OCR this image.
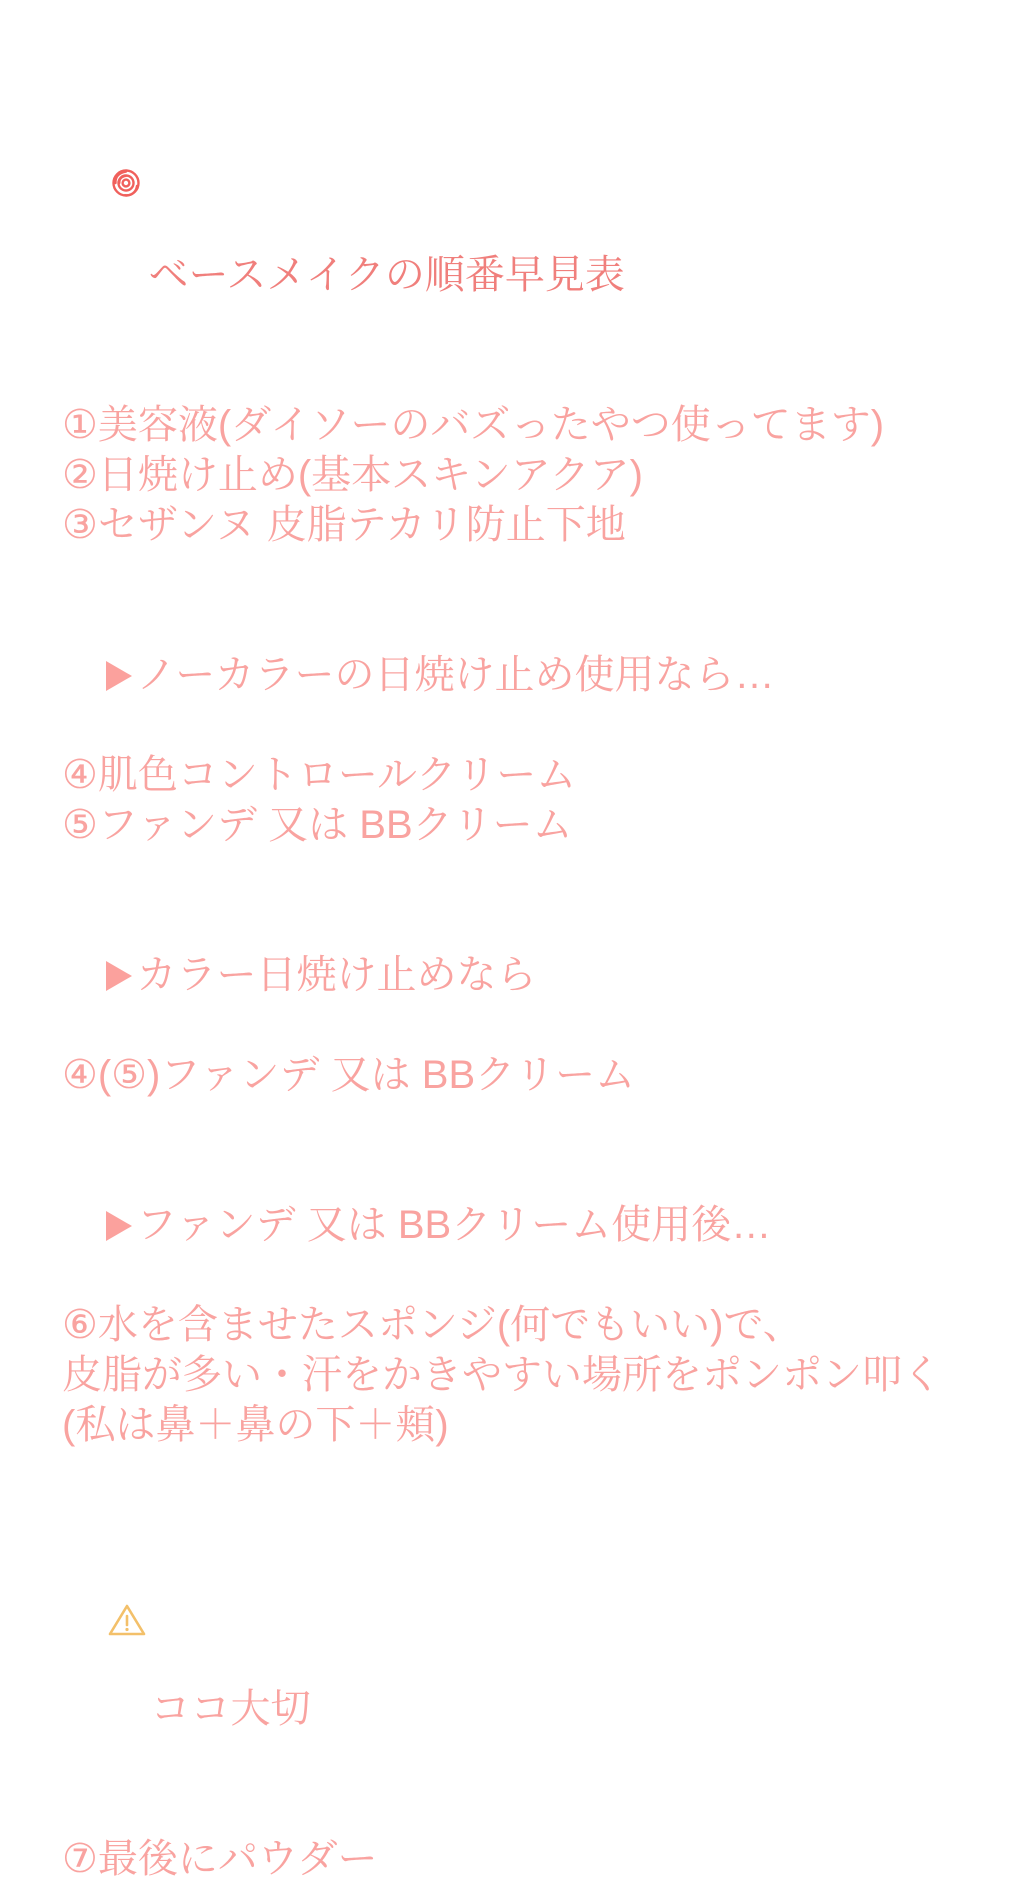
ベースメイクの順番早見表

①美容液(ダイソーのバズったやつ使ってます)
②日焼け止め(基本スキンアクア)
③セザンヌ 皮脂テカリ防止下地

ノーカラーの日焼け止め使用なら…

④肌色コントロールクリーム
⑤ファンデ 又は BBクリーム

カラー日焼け止めなら

④(⑤)ファンデ 又は BBクリーム

ファンデ 又は BBクリーム使用後…

⑥水を含ませたスポンジ(何でもいい)で、
皮脂が多い・汗をかきやすい場所をポンポン叩く
(私は鼻＋鼻の下＋頬)

ココ大切

⑦最後にパウダー
